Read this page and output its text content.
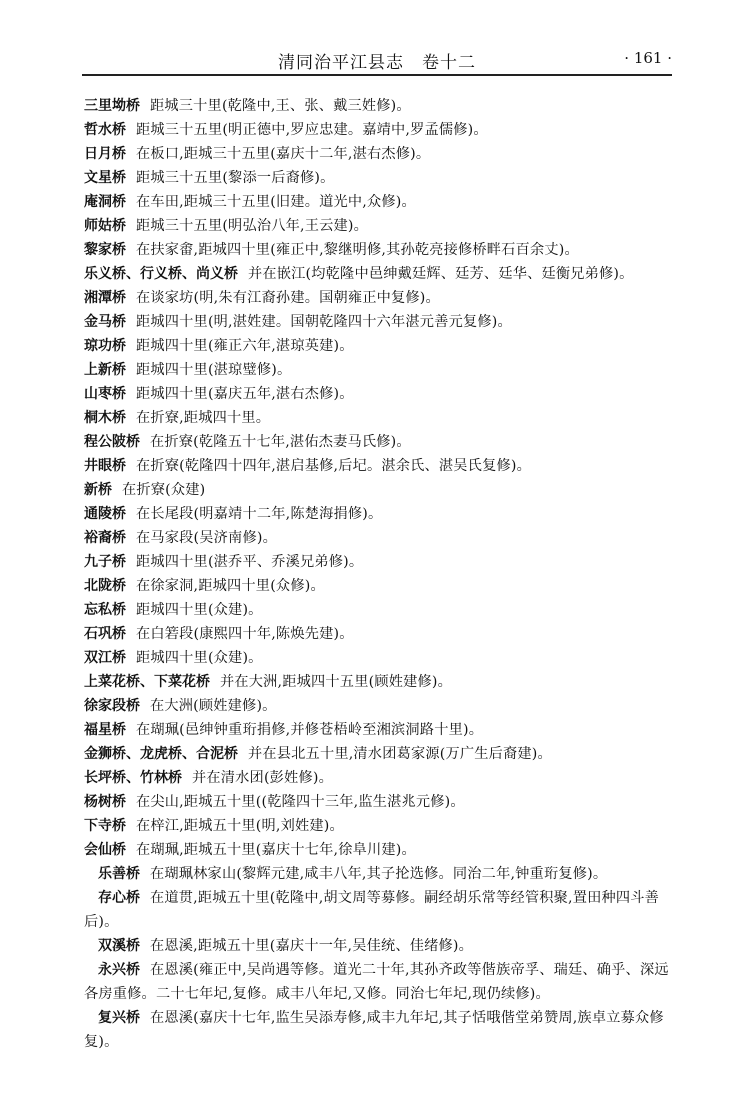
清同治平江县志　卷十二	· 161 ·
三里坳桥 距城三十里(乾隆中,王、张、戴三姓修)。
哲水桥 距城三十五里(明正德中,罗应忠建。嘉靖中,罗孟儒修)。
日月桥 在板口,距城三十五里(嘉庆十二年,湛右杰修)。
文星桥 距城三十五里(黎添一后裔修)。
庵洞桥 在车田,距城三十五里(旧建。道光中,众修)。
师姑桥 距城三十五里(明弘治八年,王云建)。
黎家桥 在扶家畬,距城四十里(雍正中,黎继明修,其孙乾亮接修桥畔石百余丈)。
乐义桥、行义桥、尚义桥 并在嵌江(均乾隆中邑绅戴廷辉、廷芳、廷华、廷衡兄弟修)。
湘潭桥 在谈家坊(明,朱有江裔孙建。国朝雍正中复修)。
金马桥 距城四十里(明,湛姓建。国朝乾隆四十六年湛元善元复修)。
琼功桥 距城四十里(雍正六年,湛琼英建)。
上新桥 距城四十里(湛琼璧修)。
山枣桥 距城四十里(嘉庆五年,湛右杰修)。
桐木桥 在折寮,距城四十里。
程公陂桥 在折寮(乾隆五十七年,湛佑杰妻马氏修)。
井眼桥 在折寮(乾隆四十四年,湛启基修,后圮。湛余氏、湛吴氏复修)。
新桥 在折寮(众建)
通陵桥 在长尾段(明嘉靖十二年,陈楚海捐修)。
裕裔桥 在马家段(吴济南修)。
九子桥 距城四十里(湛乔平、乔溪兄弟修)。
北陇桥 在徐家洞,距城四十里(众修)。
忘私桥 距城四十里(众建)。
石巩桥 在白箬段(康熙四十年,陈焕先建)。
双江桥 距城四十里(众建)。
上菜花桥、下菜花桥 并在大洲,距城四十五里(顾姓建修)。
徐家段桥 在大洲(顾姓建修)。
福星桥 在瑚珮(邑绅钟重珩捐修,并修苍梧岭至湘滨洞路十里)。
金狮桥、龙虎桥、合泥桥 并在县北五十里,清水团葛家源(万广生后裔建)。
长坪桥、竹林桥 并在清水团(彭姓修)。
杨树桥 在尖山,距城五十里((乾隆四十三年,监生湛兆元修)。
下寺桥 在梓江,距城五十里(明,刘姓建)。
会仙桥 在瑚珮,距城五十里(嘉庆十七年,徐阜川建)。
乐善桥 在瑚珮林家山(黎辉元建,咸丰八年,其子抡选修。同治二年,钟重珩复修)。
存心桥 在道贯,距城五十里(乾隆中,胡文周等募修。嗣经胡乐常等经管积聚,置田种四斗善后)。
双溪桥 在恩溪,距城五十里(嘉庆十一年,吴佳统、佳绪修)。
永兴桥 在恩溪(雍正中,吴尚遇等修。道光二十年,其孙齐政等偕族帝孚、瑞廷、确乎、深远各房重修。二十七年圮,复修。咸丰八年圮,又修。同治七年圮,现仍续修)。
复兴桥 在恩溪(嘉庆十七年,监生吴添寿修,咸丰九年圮,其子恬哦偕堂弟赞周,族卓立募众修复)。
